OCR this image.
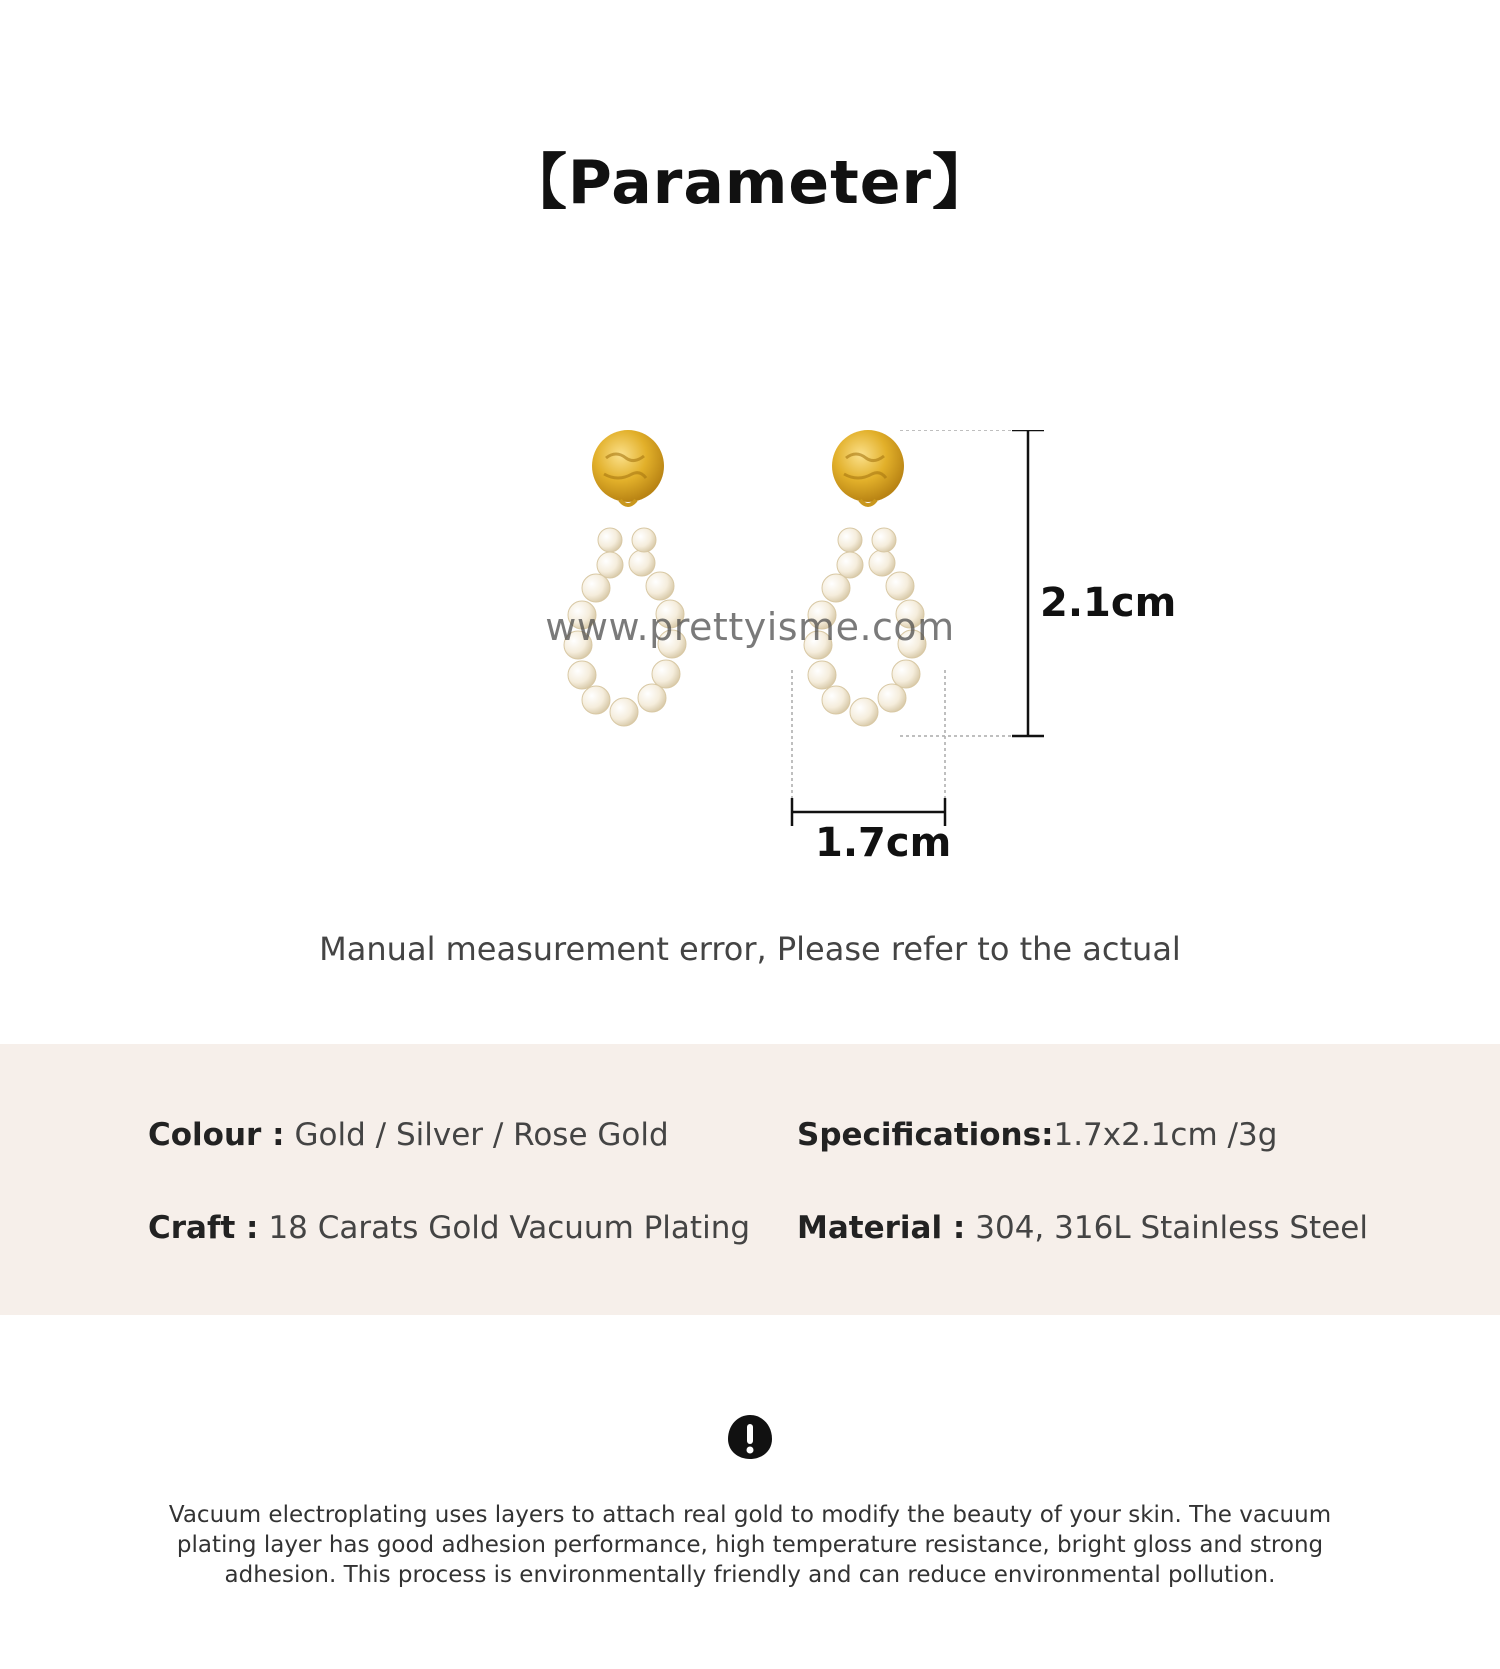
【Parameter】
www.prettyisme.com
2.1cm
1.7cm
Manual measurement error, Please refer to the actual
Colour : Gold / Silver / Rose Gold	Specifications:1.7x2.1cm /3g
Craft : 18 Carats Gold Vacuum Plating Material : 304, 316L Stainless Steel
Vacuum electroplating uses layers to attach real gold to modify the beauty of your skin. The vacuum plating layer has good adhesion performance, high temperature resistance, bright gloss and strong adhesion. This process is environmentally friendly and can reduce environmental pollution.
